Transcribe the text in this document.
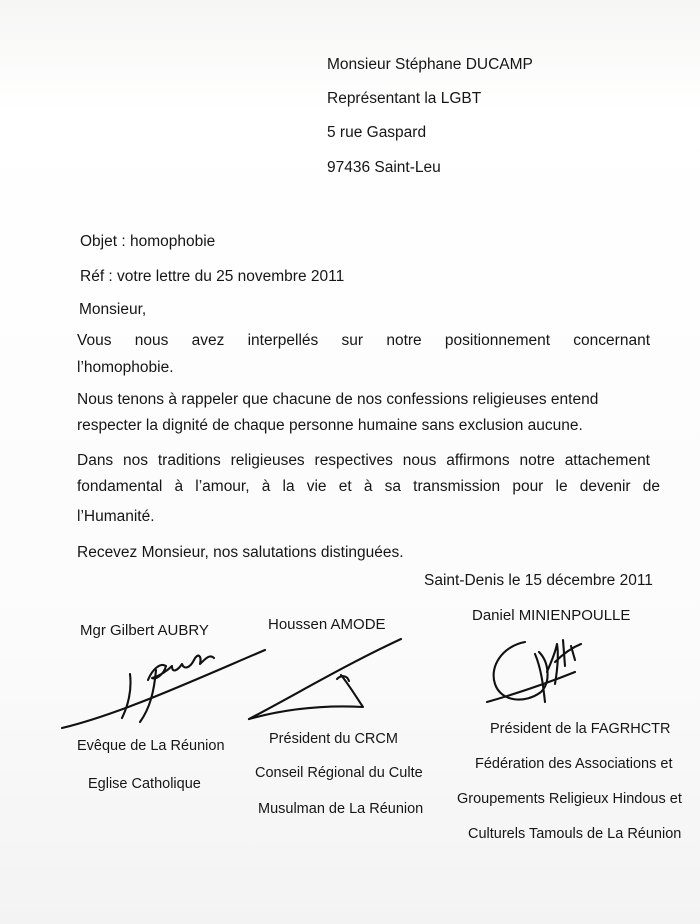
Monsieur Stéphane DUCAMP

Représentant la LGBT

5 rue Gaspard

97436 Saint-Leu

Objet : homophobie

Réf : votre lettre du 25 novembre 2011

Monsieur,

Vous nous avez interpellés sur notre positionnement concernant

l’homophobie.

Nous tenons à rappeler que chacune de nos confessions religieuses entend

respecter la dignité de chaque personne humaine sans exclusion aucune.

Dans nos traditions religieuses respectives nous affirmons notre attachement

fondamental à l’amour, à la vie et à sa transmission pour le devenir de

l’Humanité.

Recevez Monsieur, nos salutations distinguées.

Saint-Denis le 15 décembre 2011

Mgr Gilbert AUBRY	Houssen AMODE

Daniel MINIENPOULLE

Evêque de La Réunion

Eglise Catholique

Président du CRCM

Conseil Régional du Culte

Musulman de La Réunion

Président de la FAGRHCTR

Fédération des Associations et

Groupements Religieux Hindous et

Culturels Tamouls de La Réunion
